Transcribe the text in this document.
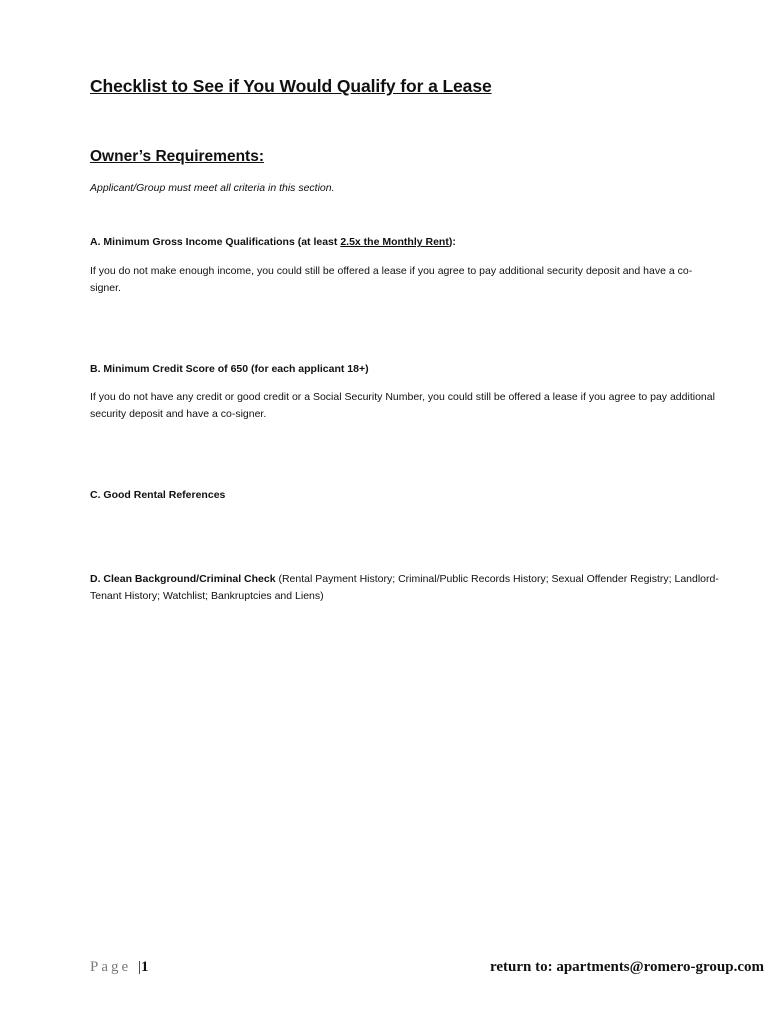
Checklist to See if You Would Qualify for a Lease
Owner’s Requirements:
Applicant/Group must meet all criteria in this section.
A. Minimum Gross Income Qualifications (at least 2.5x the Monthly Rent):
If you do not make enough income, you could still be offered a lease if you agree to pay additional security deposit and have a co-signer.
B. Minimum Credit Score of 650 (for each applicant 18+)
If you do not have any credit or good credit or a Social Security Number, you could still be offered a lease if you agree to pay additional security deposit and have a co-signer.
C. Good Rental References
D. Clean Background/Criminal Check (Rental Payment History; Criminal/Public Records History; Sexual Offender Registry; Landlord-Tenant History; Watchlist; Bankruptcies and Liens)
Page |1	return to: apartments@romero-group.com
